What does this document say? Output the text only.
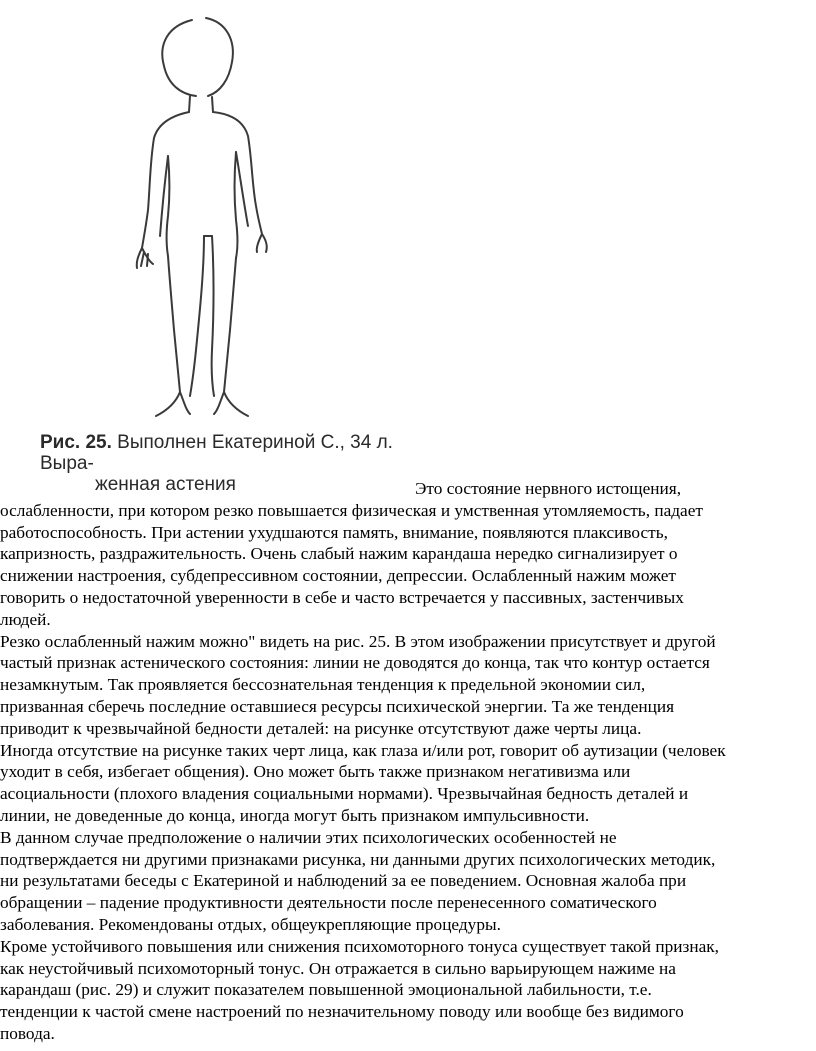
Рис. 25. Выполнен Екатериной С., 34 л. Выра-
женная астения	Это состояние нервного истощения,
ослабленности, при котором резко повышается физическая и умственная утомляемость, падает
работоспособность. При астении ухудшаются память, внимание, появляются плаксивость,
капризность, раздражительность. Очень слабый нажим карандаша нередко сигнализирует о
снижении настроения, субдепрессивном состоянии, депрессии. Ослабленный нажим может
говорить о недостаточной уверенности в себе и часто встречается у пассивных, застенчивых
людей.

Резко ослабленный нажим можно" видеть на рис. 25. В этом изображении присутствует и другой
частый признак астенического состояния: линии не доводятся до конца, так что контур остается
незамкнутым. Так проявляется бессознательная тенденция к предельной экономии сил,
призванная сберечь последние оставшиеся ресурсы психической энергии. Та же тенденция
приводит к чрезвычайной бедности деталей: на рисунке отсутствуют даже черты лица.

Иногда отсутствие на рисунке таких черт лица, как глаза и/или рот, говорит об аутизации (человек
уходит в себя, избегает общения). Оно может быть также признаком негативизма или
асоциальности (плохого владения социальными нормами). Чрезвычайная бедность деталей и
линии, не доведенные до конца, иногда могут быть признаком импульсивности.

В данном случае предположение о наличии этих психологических особенностей не
подтверждается ни другими признаками рисунка, ни данными других психологических методик,
ни результатами беседы с Екатериной и наблюдений за ее поведением. Основная жалоба при
обращении – падение продуктивности деятельности после перенесенного соматического
заболевания. Рекомендованы отдых, общеукрепляющие процедуры.

Кроме устойчивого повышения или снижения психомоторного тонуса существует такой признак,
как неустойчивый психомоторный тонус. Он отражается в сильно варьирующем нажиме на
карандаш (рис. 29) и служит показателем повышенной эмоциональной лабильности, т.е.
тенденции к частой смене настроений по незначительному поводу или вообще без видимого
повода.
